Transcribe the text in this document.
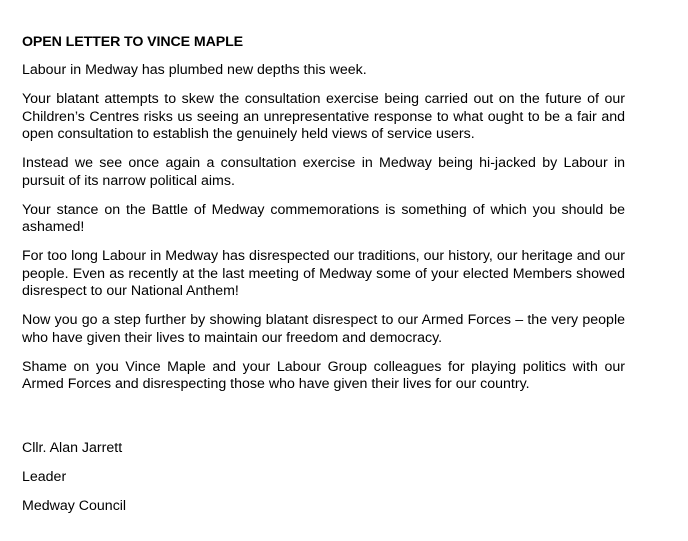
OPEN LETTER TO VINCE MAPLE

Labour in Medway has plumbed new depths this week.

Your blatant attempts to skew the consultation exercise being carried out on the future of our Children’s Centres risks us seeing an unrepresentative response to what ought to be a fair and open consultation to establish the genuinely held views of service users.

Instead we see once again a consultation exercise in Medway being hi-jacked by Labour in pursuit of its narrow political aims.

Your stance on the Battle of Medway commemorations is something of which you should be ashamed!

For too long Labour in Medway has disrespected our traditions, our history, our heritage and our people. Even as recently at the last meeting of Medway some of your elected Members showed disrespect to our National Anthem!

Now you go a step further by showing blatant disrespect to our Armed Forces – the very people who have given their lives to maintain our freedom and democracy.

Shame on you Vince Maple and your Labour Group colleagues for playing politics with our Armed Forces and disrespecting those who have given their lives for our country.

Cllr. Alan Jarrett
Leader
Medway Council
